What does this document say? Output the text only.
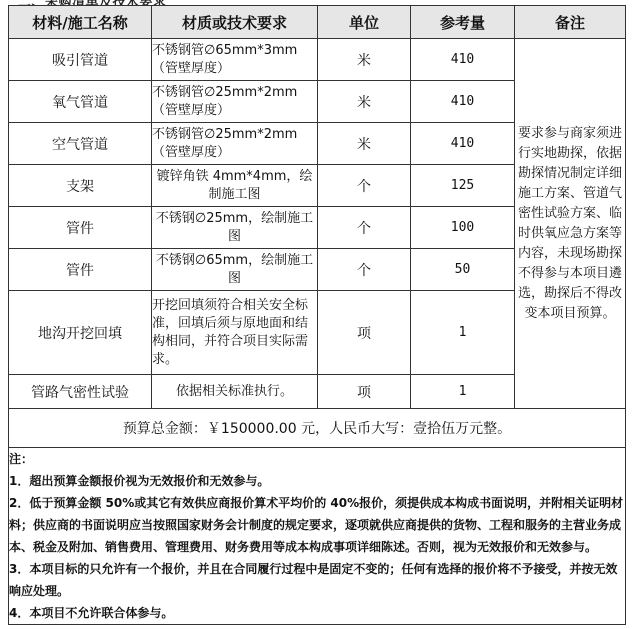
材料/施工名称	材质或技术要求	单位	参考量	备注
吸引管道	不锈钢管∅65mm*3mm（管壁厚度）	米	410	要求参与商家须进行实地勘探，依据勘探情况制定详细施工方案、管道气密性试验方案、临时供氧应急方案等内容，未现场勘探不得参与本项目遴选，勘探后不得改变本项目预算。
氧气管道	不锈钢管∅25mm*2mm（管壁厚度）	米	410	
空气管道	不锈钢管∅25mm*2mm（管壁厚度）	米	410	
支架	镀锌角铁 4mm*4mm，绘制施工图	个	125	
管件	不锈钢∅25mm，绘制施工图	个	100	
管件	不锈钢∅65mm，绘制施工图	个	50	
地沟开挖回填	开挖回填须符合相关安全标准，回填后须与原地面和结构相同，并符合项目实际需求。	项	1	
管路气密性试验	依据相关标准执行。	项	1	
预算总金额：￥150000.00 元，人民币大写：壹拾伍万元整。				

注：
1．超出预算金额报价视为无效报价和无效参与。
2．低于预算金额 50%或其它有效供应商报价算术平均价的 40%报价，须提供成本构成书面说明，并附相关证明材料；供应商的书面说明应当按照国家财务会计制度的规定要求，逐项就供应商提供的货物、工程和服务的主营业务成本、税金及附加、销售费用、管理费用、财务费用等成本构成事项详细陈述。否则，视为无效报价和无效参与。
3．本项目标的只允许有一个报价，并且在合同履行过程中是固定不变的；任何有选择的报价将不予接受，并按无效响应处理。
4．本项目不允许联合体参与。				
